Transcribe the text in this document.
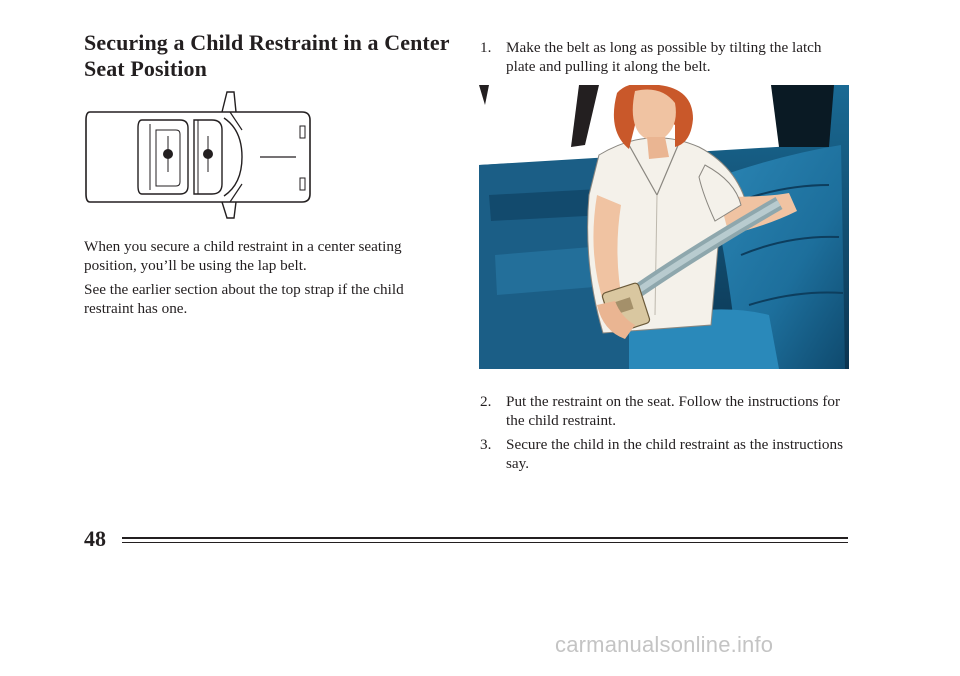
Securing a Child Restraint in a Center Seat Position

When you secure a child restraint in a center seating position, you’ll be using the lap belt.

See the earlier section about the top strap if the child restraint has one.

1. Make the belt as long as possible by tilting the latch plate and pulling it along the belt.
2. Put the restraint on the seat. Follow the instructions for the child restraint.
3. Secure the child in the child restraint as the instructions say.
48
carmanualsonline.info
